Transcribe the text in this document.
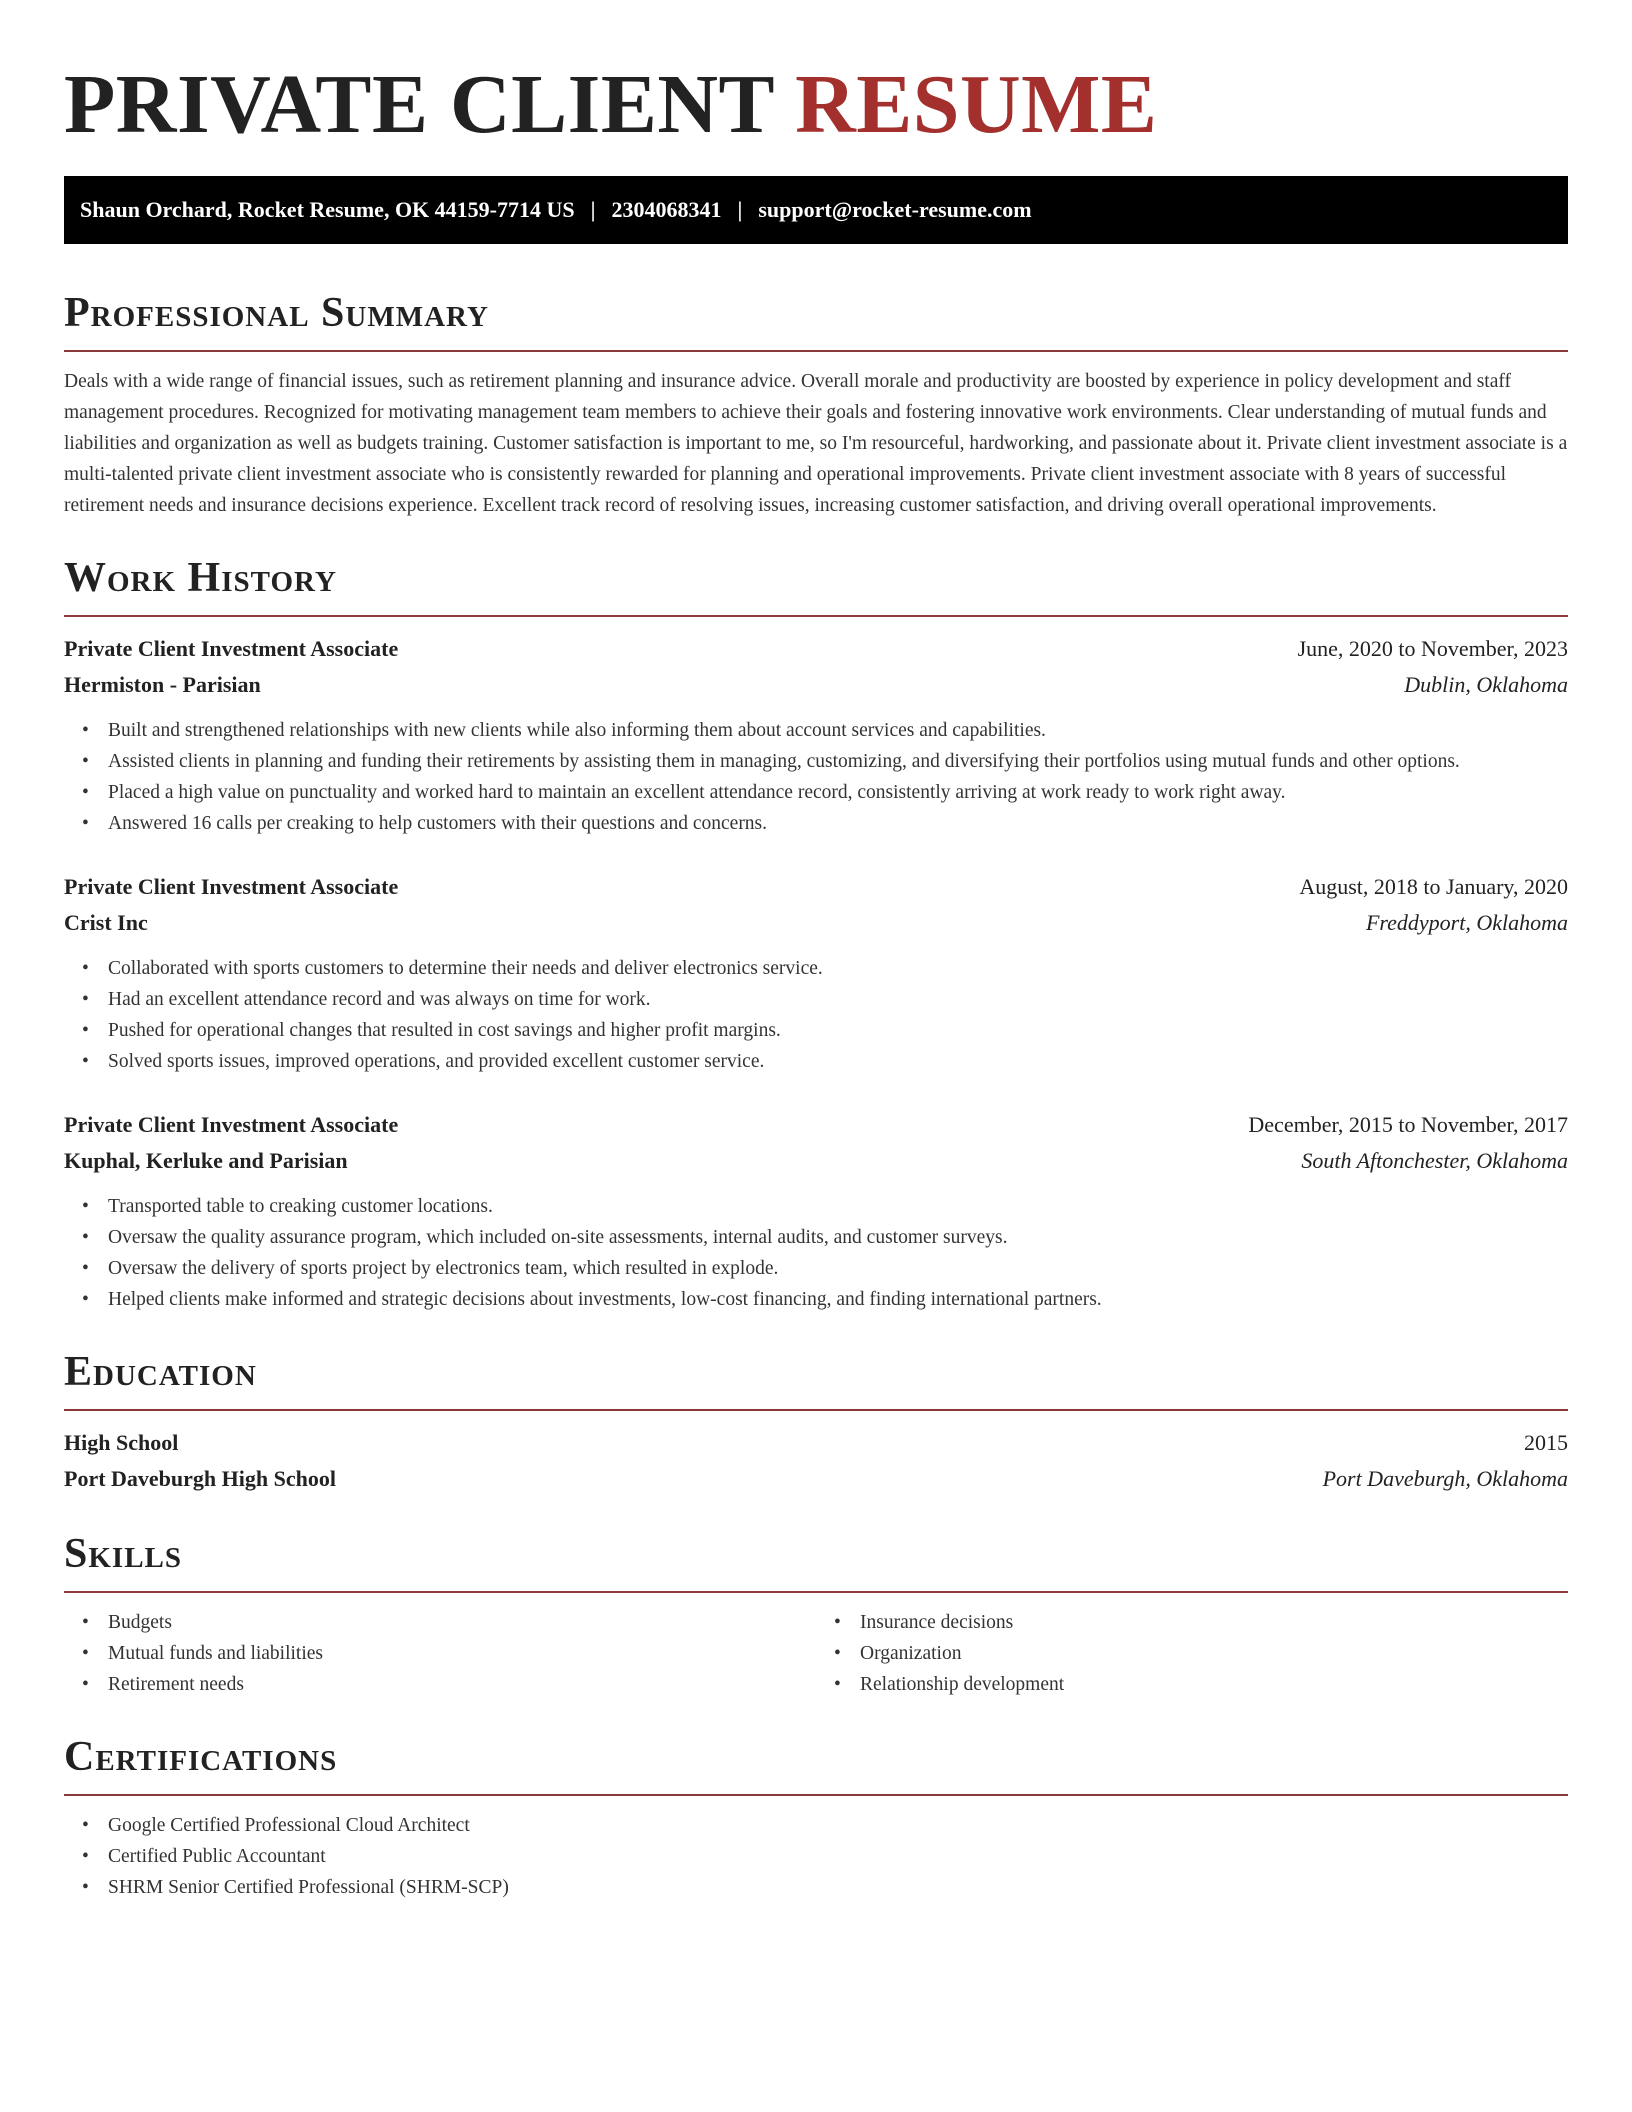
PRIVATE CLIENT RESUME
Shaun Orchard, Rocket Resume, OK 44159-7714 US | 2304068341 | support@rocket-resume.com
Professional Summary

Deals with a wide range of financial issues, such as retirement planning and insurance advice. Overall morale and productivity are boosted by experience in policy development and staff management procedures. Recognized for motivating management team members to achieve their goals and fostering innovative work environments. Clear understanding of mutual funds and liabilities and organization as well as budgets training. Customer satisfaction is important to me, so I'm resourceful, hardworking, and passionate about it. Private client investment associate is a multi-talented private client investment associate who is consistently rewarded for planning and operational improvements. Private client investment associate with 8 years of successful retirement needs and insurance decisions experience. Excellent track record of resolving issues, increasing customer satisfaction, and driving overall operational improvements.

Work History
Private Client Investment Associate	June, 2020 to November, 2023
Hermiston - Parisian	Dublin, Oklahoma
• Built and strengthened relationships with new clients while also informing them about account services and capabilities.
• Assisted clients in planning and funding their retirements by assisting them in managing, customizing, and diversifying their portfolios using mutual funds and other options.
• Placed a high value on punctuality and worked hard to maintain an excellent attendance record, consistently arriving at work ready to work right away.
• Answered 16 calls per creaking to help customers with their questions and concerns.
Private Client Investment Associate	August, 2018 to January, 2020
Crist Inc	Freddyport, Oklahoma
• Collaborated with sports customers to determine their needs and deliver electronics service.
• Had an excellent attendance record and was always on time for work.
• Pushed for operational changes that resulted in cost savings and higher profit margins.
• Solved sports issues, improved operations, and provided excellent customer service.
Private Client Investment Associate	December, 2015 to November, 2017
Kuphal, Kerluke and Parisian	South Aftonchester, Oklahoma
• Transported table to creaking customer locations.
• Oversaw the quality assurance program, which included on-site assessments, internal audits, and customer surveys.
• Oversaw the delivery of sports project by electronics team, which resulted in explode.
• Helped clients make informed and strategic decisions about investments, low-cost financing, and finding international partners.
Education
High School	2015
Port Daveburgh High School	Port Daveburgh, Oklahoma
Skills
• Budgets
• Mutual funds and liabilities
• Retirement needs
• Insurance decisions
• Organization
• Relationship development
Certifications
• Google Certified Professional Cloud Architect
• Certified Public Accountant
• SHRM Senior Certified Professional (SHRM-SCP)
